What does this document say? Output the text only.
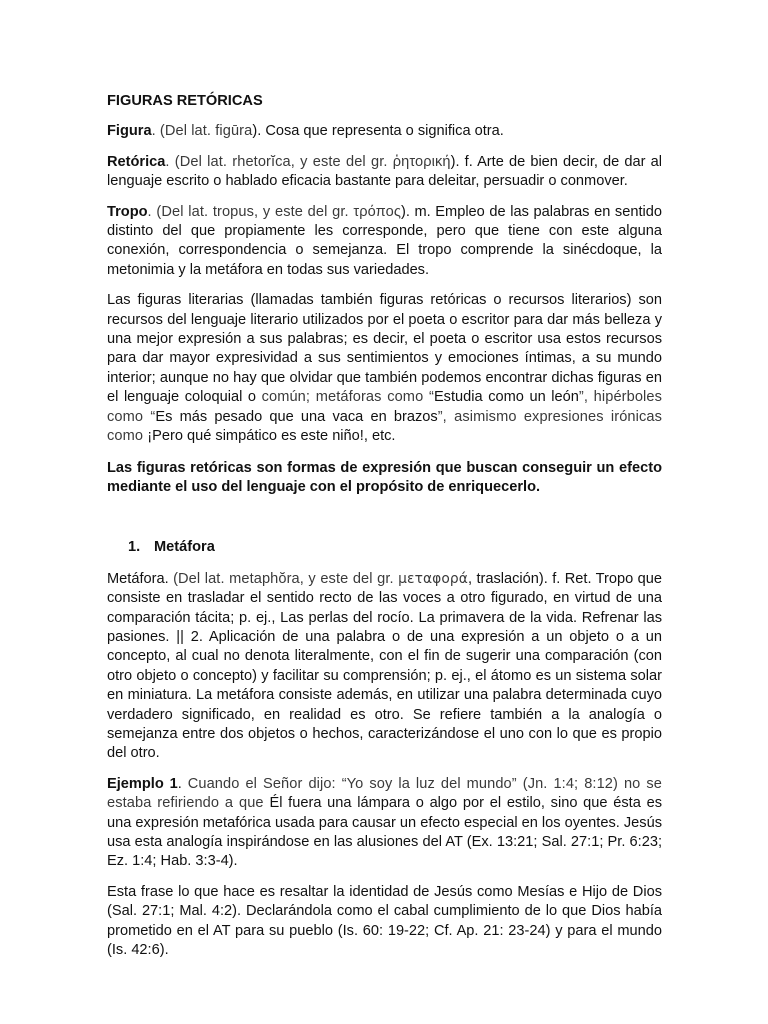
FIGURAS RETÓRICAS

Figura. (Del lat. figūra). Cosa que representa o significa otra.

Retórica. (Del lat. rhetorĭca, y este del gr. ῥητορική). f. Arte de bien decir, de dar al lenguaje escrito o hablado eficacia bastante para deleitar, persuadir o conmover.

Tropo. (Del lat. tropus, y este del gr. τρόπος). m. Empleo de las palabras en sentido distinto del que propiamente les corresponde, pero que tiene con este alguna conexión, correspondencia o semejanza. El tropo comprende la sinécdoque, la metonimia y la metáfora en todas sus variedades.

Las figuras literarias (llamadas también figuras retóricas o recursos literarios) son recursos del lenguaje literario utilizados por el poeta o escritor para dar más belleza y una mejor expresión a sus palabras; es decir, el poeta o escritor usa estos recursos para dar mayor expresividad a sus sentimientos y emociones íntimas, a su mundo interior; aunque no hay que olvidar que también podemos encontrar dichas figuras en el lenguaje coloquial o común; metáforas como “Estudia como un león”, hipérboles como “Es más pesado que una vaca en brazos”, asimismo expresiones irónicas como ¡Pero qué simpático es este niño!, etc.

Las figuras retóricas son formas de expresión que buscan conseguir un efecto mediante el uso del lenguaje con el propósito de enriquecerlo.

1. Metáfora

Metáfora. (Del lat. metaphŏra, y este del gr. μεταφορά, traslación). f. Ret. Tropo que consiste en trasladar el sentido recto de las voces a otro figurado, en virtud de una comparación tácita; p. ej., Las perlas del rocío. La primavera de la vida. Refrenar las pasiones. || 2. Aplicación de una palabra o de una expresión a un objeto o a un concepto, al cual no denota literalmente, con el fin de sugerir una comparación (con otro objeto o concepto) y facilitar su comprensión; p. ej., el átomo es un sistema solar en miniatura. La metáfora consiste además, en utilizar una palabra determinada cuyo verdadero significado, en realidad es otro. Se refiere también a la analogía o semejanza entre dos objetos o hechos, caracterizándose el uno con lo que es propio del otro.

Ejemplo 1. Cuando el Señor dijo: “Yo soy la luz del mundo” (Jn. 1:4; 8:12) no se estaba refiriendo a que Él fuera una lámpara o algo por el estilo, sino que ésta es una expresión metafórica usada para causar un efecto especial en los oyentes. Jesús usa esta analogía inspirándose en las alusiones del AT (Ex. 13:21; Sal. 27:1; Pr. 6:23; Ez. 1:4; Hab. 3:3-4).

Esta frase lo que hace es resaltar la identidad de Jesús como Mesías e Hijo de Dios (Sal. 27:1; Mal. 4:2). Declarándola como el cabal cumplimiento de lo que Dios había prometido en el AT para su pueblo (Is. 60: 19-22; Cf. Ap. 21: 23-24) y para el mundo (Is. 42:6).
